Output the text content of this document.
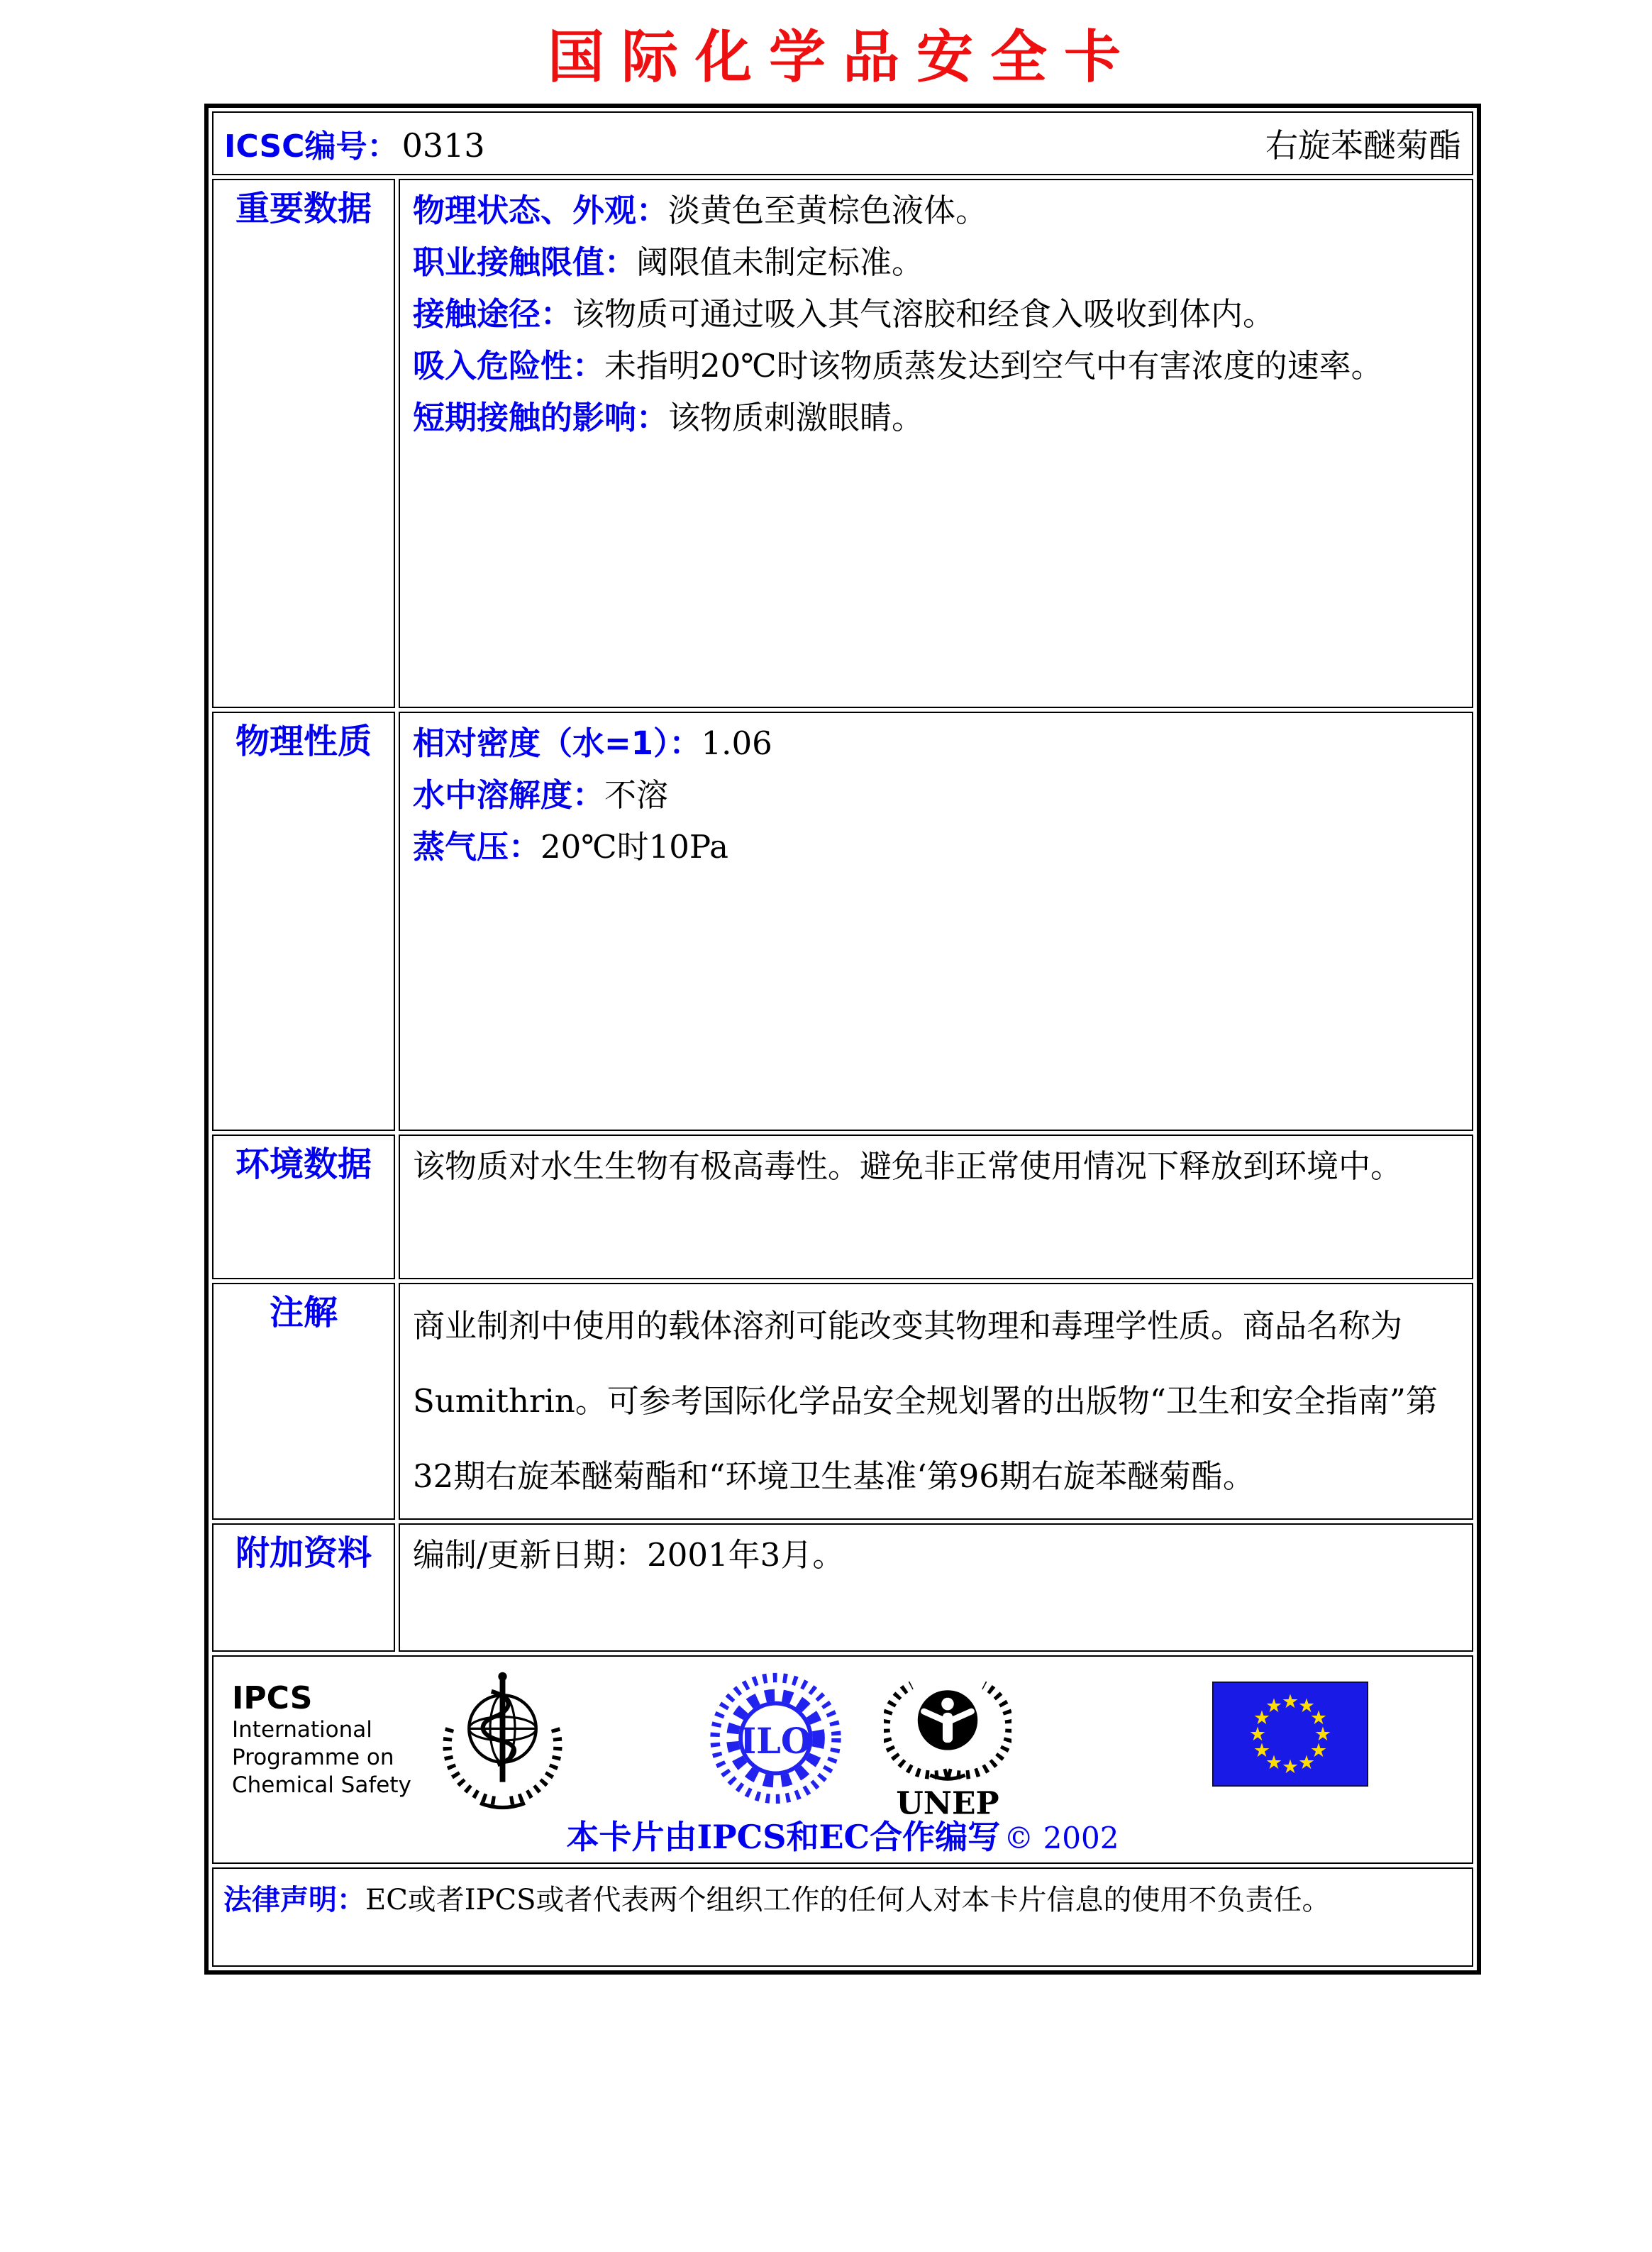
国际化学品安全卡
ICSC编号： 0313 右旋苯醚菊酯	

重要数据	物理状态、外观：淡黄色至黄棕色液体。
职业接触限值：阈限值未制定标准。
接触途径：该物质可通过吸入其气溶胶和经食入吸收到体内。
吸入危险性：未指明20℃时该物质蒸发达到空气中有害浓度的速率。
短期接触的影响：该物质刺激眼睛。

物理性质	相对密度（水=1）：1.06
水中溶解度：不溶
蒸气压：20℃时10Pa

环境数据	该物质对水生生物有极高毒性。避免非正常使用情况下释放到环境中。

注解	商业制剂中使用的载体溶剂可能改变其物理和毒理学性质。商品名称为Sumithrin。可参考国际化学品安全规划署的出版物“卫生和安全指南”第32期右旋苯醚菊酯和“环境卫生基准‘第96期右旋苯醚菊酯。

附加资料	编制/更新日期：2001年3月。

IPCS
International
Programme on
Chemical Safety
ILO
UNEP
★
★
★
★
★
★
★
★
★
★
★
★
本卡片由IPCS和EC合作编写 © 2002

法律声明：EC或者IPCS或者代表两个组织工作的任何人对本卡片信息的使用不负责任。	
